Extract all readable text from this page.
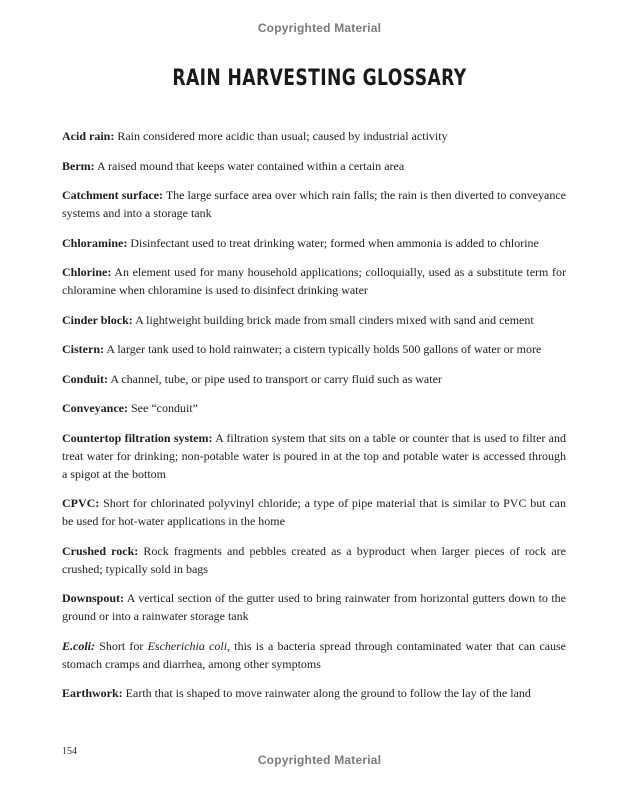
Copyrighted Material
RAIN HARVESTING GLOSSARY

Acid rain: Rain considered more acidic than usual; caused by industrial activity

Berm: A raised mound that keeps water contained within a certain area

Catchment surface: The large surface area over which rain falls; the rain is then diverted to conveyance systems and into a storage tank

Chloramine: Disinfectant used to treat drinking water; formed when ammonia is added to chlorine

Chlorine: An element used for many household applications; colloquially, used as a substitute term for chloramine when chloramine is used to disinfect drinking water

Cinder block: A lightweight building brick made from small cinders mixed with sand and cement

Cistern: A larger tank used to hold rainwater; a cistern typically holds 500 gallons of water or more

Conduit: A channel, tube, or pipe used to transport or carry fluid such as water

Conveyance: See “conduit”

Countertop filtration system: A filtration system that sits on a table or counter that is used to filter and treat water for drinking; non-potable water is poured in at the top and potable water is accessed through a spigot at the bottom

CPVC: Short for chlorinated polyvinyl chloride; a type of pipe material that is similar to PVC but can be used for hot-water applications in the home

Crushed rock: Rock fragments and pebbles created as a byproduct when larger pieces of rock are crushed; typically sold in bags

Downspout: A vertical section of the gutter used to bring rainwater from horizontal gutters down to the ground or into a rainwater storage tank

E.coli: Short for Escherichia coli, this is a bacteria spread through contaminated water that can cause stomach cramps and diarrhea, among other symptoms

Earthwork: Earth that is shaped to move rainwater along the ground to follow the lay of the land

154
Copyrighted Material
